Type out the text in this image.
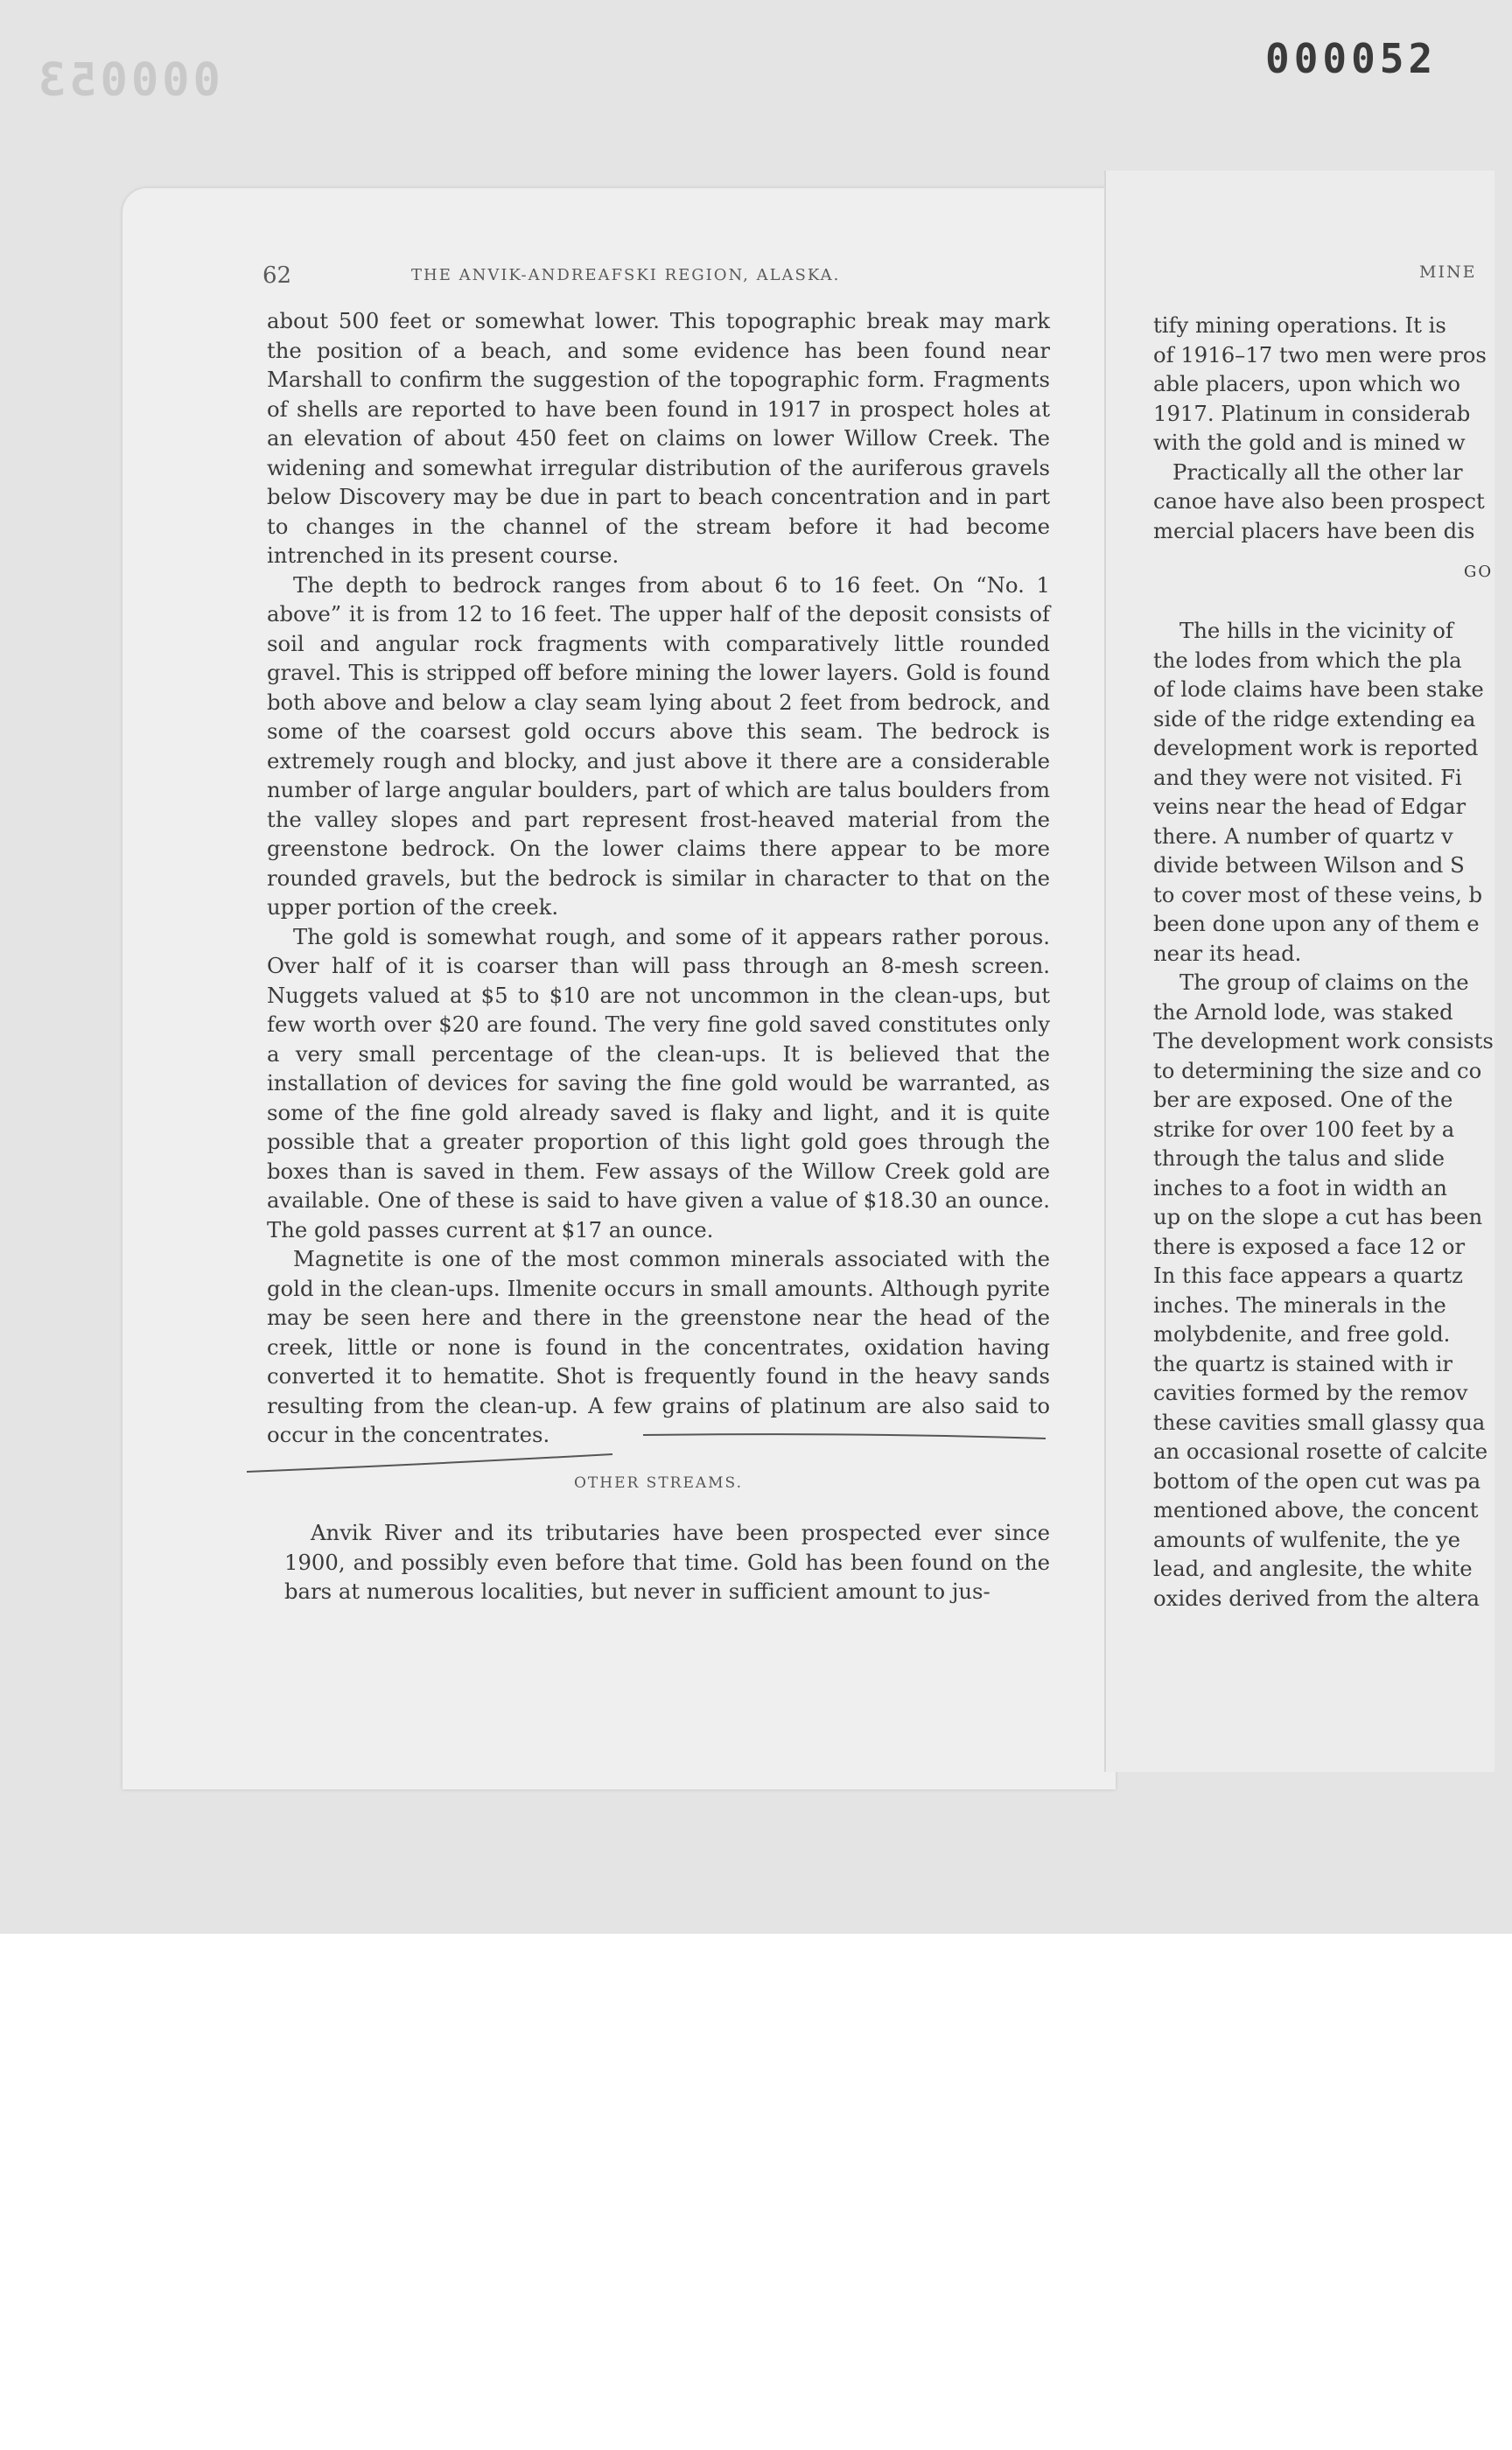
000053	000052
MINE
tify mining operations. It is
of 1916–17 two men were pros
able placers, upon which wo
1917. Platinum in considerab
with the gold and is mined w
Practically all the other lar
canoe have also been prospect
mercial placers have been dis
GO
The hills in the vicinity of
the lodes from which the pla
of lode claims have been stake
side of the ridge extending ea
development work is reported
and they were not visited. Fi
veins near the head of Edgar
there. A number of quartz v
divide between Wilson and S
to cover most of these veins, b
been done upon any of them e
near its head.
The group of claims on the
the Arnold lode, was staked
The development work consists
to determining the size and co
ber are exposed. One of the
strike for over 100 feet by a
through the talus and slide
inches to a foot in width an
up on the slope a cut has been
there is exposed a face 12 or
In this face appears a quartz
inches. The minerals in the
molybdenite, and free gold.
the quartz is stained with ir
cavities formed by the remov
these cavities small glassy qua
an occasional rosette of calcite
bottom of the open cut was pa
mentioned above, the concent
amounts of wulfenite, the ye
lead, and anglesite, the white
oxides derived from the altera
62	THE ANVIK-ANDREAFSKI REGION, ALASKA.

about 500 feet or somewhat lower. This topographic break may mark the position of a beach, and some evidence has been found near Marshall to confirm the suggestion of the topographic form. Fragments of shells are reported to have been found in 1917 in prospect holes at an elevation of about 450 feet on claims on lower Willow Creek. The widening and somewhat irregular distribution of the auriferous gravels below Discovery may be due in part to beach concentration and in part to changes in the channel of the stream before it had become intrenched in its present course.

The depth to bedrock ranges from about 6 to 16 feet. On “No. 1 above” it is from 12 to 16 feet. The upper half of the deposit consists of soil and angular rock fragments with comparatively little rounded gravel. This is stripped off before mining the lower layers. Gold is found both above and below a clay seam lying about 2 feet from bedrock, and some of the coarsest gold occurs above this seam. The bedrock is extremely rough and blocky, and just above it there are a considerable number of large angular boulders, part of which are talus boulders from the valley slopes and part represent frost-heaved material from the greenstone bedrock. On the lower claims there appear to be more rounded gravels, but the bedrock is similar in character to that on the upper portion of the creek.

The gold is somewhat rough, and some of it appears rather porous. Over half of it is coarser than will pass through an 8-mesh screen. Nuggets valued at $5 to $10 are not uncommon in the clean-ups, but few worth over $20 are found. The very fine gold saved constitutes only a very small percentage of the clean-ups. It is believed that the installation of devices for saving the fine gold would be warranted, as some of the fine gold already saved is flaky and light, and it is quite possible that a greater proportion of this light gold goes through the boxes than is saved in them. Few assays of the Willow Creek gold are available. One of these is said to have given a value of $18.30 an ounce. The gold passes current at $17 an ounce.

Magnetite is one of the most common minerals associated with the gold in the clean-ups. Ilmenite occurs in small amounts. Although pyrite may be seen here and there in the greenstone near the head of the creek, little or none is found in the concentrates, oxidation having converted it to hematite. Shot is frequently found in the heavy sands resulting from the clean-up. A few grains of platinum are also said to occur in the concentrates.

OTHER STREAMS.

Anvik River and its tributaries have been prospected ever since 1900, and possibly even before that time. Gold has been found on the bars at numerous localities, but never in sufficient amount to jus-
